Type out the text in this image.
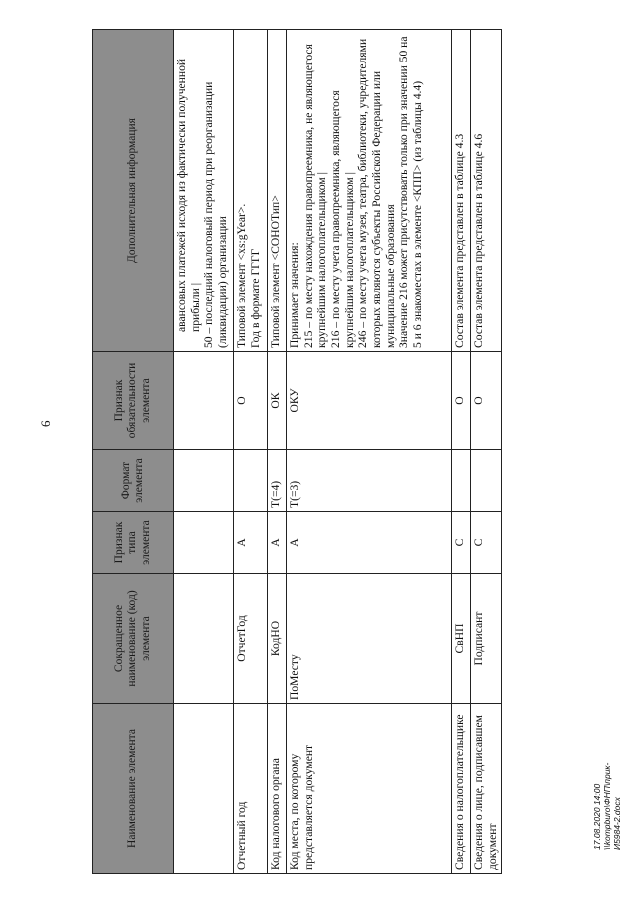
6
Наименование элемента	Сокращенное наименование (код) элемента	Признак типа элемента	Формат элемента	Признак обязательности элемента	Дополнительная информация

					авансовых платежей исходя из фактически полученной прибыли | 50 – последний налоговый период при реорганизации (ликвидации) организации

Отчетный год	ОтчетГод	А		О	Типовой элемент <xs:gYear>. Год в формате ГГГГ

Код налогового органа	КодНО	А	T(=4)	ОК	Типовой элемент <СОНОТип>

Код места, по которому представляется документ	ПоМесту	А	T(=3)	ОКУ	Принимает значения: 215 – по месту нахождения правопреемника, не являющегося крупнейшим налогоплательщиком | 216 – по месту учета правопреемника, являющегося крупнейшим налогоплательщиком | 246 – по месту учета музея, театра, библиотеки, учредителями которых являются субъекты Российской Федерации или муниципальные образования Значение 216 может присутствовать только при значении 50 на 5 и 6 знакоместах в элементе <КПП> (из таблицы 4.4)

Сведения о налогоплательщике	СвНП	С		О	Состав элемента представлен в таблице 4.3

Сведения о лице, подписавшем документ	Подписант	С		О	Состав элемента представлен в таблице 4.6
17.08.2020 14:00 \\kompburo\ФНП\прик-И5984-2.docx
